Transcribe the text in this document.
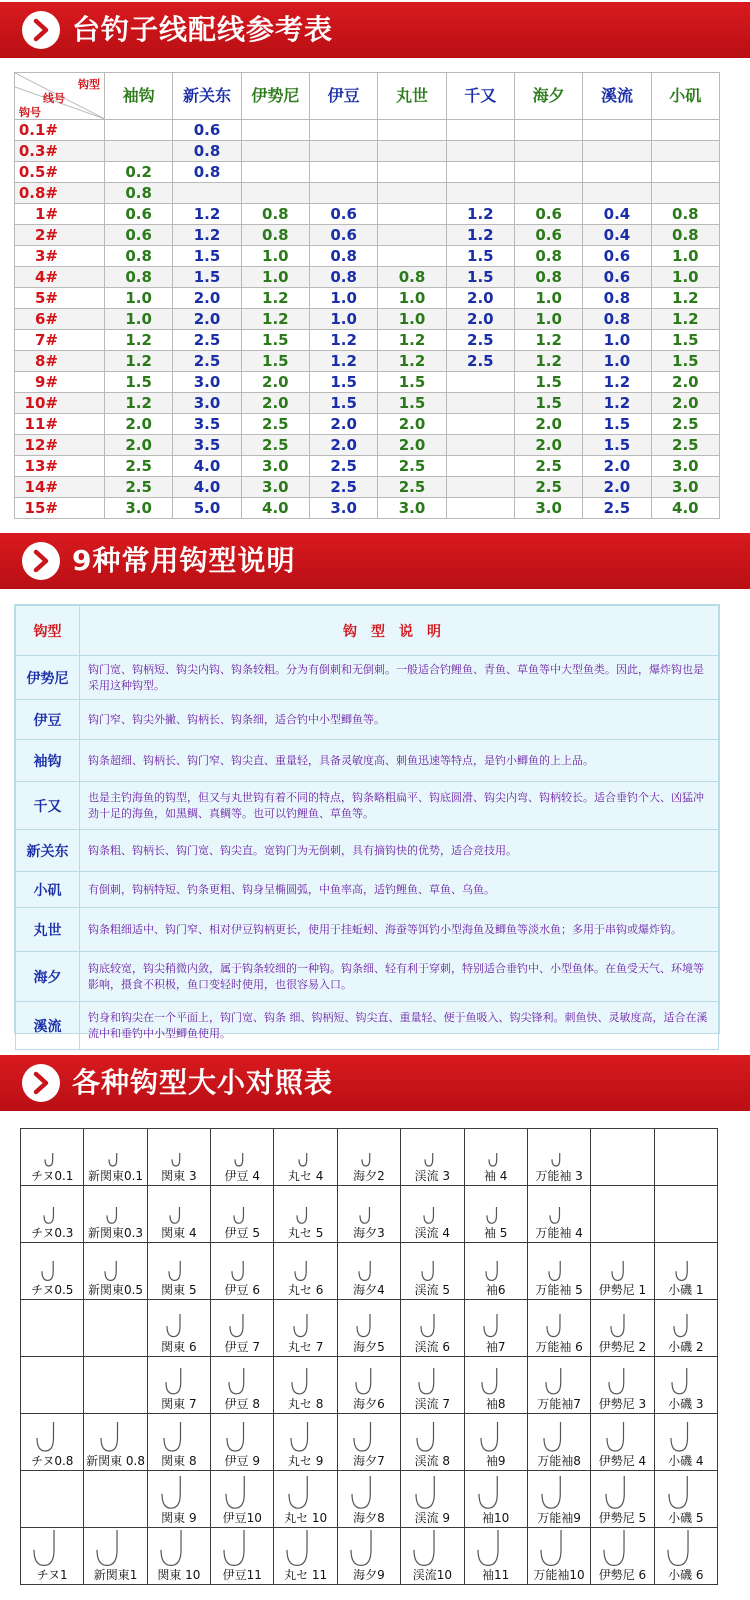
台钓子线配线参考表
钩型
线号
钩号	袖钩	新关东	伊势尼	伊豆	丸世	千又	海夕	溪流	小矶
0.1#		0.6							
0.3#		0.8							
0.5#	0.2	0.8							
0.8#	0.8								
1#	0.6	1.2	0.8	0.6		1.2	0.6	0.4	0.8
2#	0.6	1.2	0.8	0.6		1.2	0.6	0.4	0.8
3#	0.8	1.5	1.0	0.8		1.5	0.8	0.6	1.0
4#	0.8	1.5	1.0	0.8	0.8	1.5	0.8	0.6	1.0
5#	1.0	2.0	1.2	1.0	1.0	2.0	1.0	0.8	1.2
6#	1.0	2.0	1.2	1.0	1.0	2.0	1.0	0.8	1.2
7#	1.2	2.5	1.5	1.2	1.2	2.5	1.2	1.0	1.5
8#	1.2	2.5	1.5	1.2	1.2	2.5	1.2	1.0	1.5
9#	1.5	3.0	2.0	1.5	1.5		1.5	1.2	2.0
10#	1.2	3.0	2.0	1.5	1.5		1.5	1.2	2.0
11#	2.0	3.5	2.5	2.0	2.0		2.0	1.5	2.5
12#	2.0	3.5	2.5	2.0	2.0		2.0	1.5	2.5
13#	2.5	4.0	3.0	2.5	2.5		2.5	2.0	3.0
14#	2.5	4.0	3.0	2.5	2.5		2.5	2.0	3.0
15#	3.0	5.0	4.0	3.0	3.0		3.0	2.5	4.0
9种常用钩型说明
钩型	钩型说明
伊势尼	钩门宽、钩柄短、钩尖内钩、钩条较粗。分为有倒刺和无倒刺。一般适合钓鲤鱼、青鱼、草鱼等中大型鱼类。因此，爆炸钩也是采用这种钩型。
伊豆	钩门窄、钩尖外撇、钩柄长、钩条细，适合钓中小型鲫鱼等。
袖钩	钩条超细、钩柄长、钩门窄、钩尖直、重量轻，具备灵敏度高、刺鱼迅速等特点，是钓小鲫鱼的上上品。
千又	也是主钓海鱼的钩型，但又与丸世钩有着不同的特点，钩条略粗扁平、钩底圆滑、钩尖内弯、钩柄较长。适合垂钓个大、凶猛冲劲十足的海鱼，如黑鲷、真鲷等。也可以钓鲤鱼、草鱼等。
新关东	钩条粗、钩柄长、钩门宽、钩尖直。宽钩门为无倒刺，具有摘钩快的优势，适合竞技用。
小矶	有倒刺，钩柄特短、钓条更粗、钩身呈椭圆弧，中鱼率高，适钓鲤鱼、草鱼、乌鱼。
丸世	钩条粗细适中、钩门窄、相对伊豆钩柄更长，使用于挂蚯蚓、海蚕等饵钓小型海鱼及鲫鱼等淡水鱼；多用于串钩或爆炸钩。
海夕	钩底较宽，钩尖稍微内敛，属于钩条较细的一种钩。钩条细、轻有利于穿刺，特别适合垂钓中、小型鱼体。在鱼受天气、环境等影响，摄食不积极，鱼口变轻时使用，也很容易入口。
溪流	钓身和钩尖在一个平面上，钩门宽、钩条 细、钩柄短、钩尖直、重量轻、便于鱼吸入、钩尖锋利。刺鱼快、灵敏度高，适合在溪流中和垂钓中小型鲫鱼使用。
各种钩型大小对照表
チヌ0.1	新関東0.1	関東 3	伊豆 4	丸セ 4	海夕2	渓流 3	袖 4	万能袖 3		

チヌ0.3	新関東0.3	関東 4	伊豆 5	丸セ 5	海夕3	渓流 4	袖 5	万能袖 4		

チヌ0.5	新関東0.5	関東 5	伊豆 6	丸セ 6	海夕4	渓流 5	袖6	万能袖 5	伊勢尼 1	小磯 1

		関東 6	伊豆 7	丸セ 7	海夕5	渓流 6	袖7	万能袖 6	伊勢尼 2	小磯 2

		関東 7	伊豆 8	丸セ 8	海夕6	渓流 7	袖8	万能袖7	伊勢尼 3	小磯 3

チヌ0.8	新関東 0.8	関東 8	伊豆 9	丸セ 9	海夕7	渓流 8	袖9	万能袖8	伊勢尼 4	小磯 4

		関東 9	伊豆10	丸セ 10	海夕8	渓流 9	袖10	万能袖9	伊勢尼 5	小磯 5

チヌ1	新関東1	関東 10	伊豆11	丸セ 11	海夕9	渓流10	袖11	万能袖10	伊勢尼 6	小磯 6
